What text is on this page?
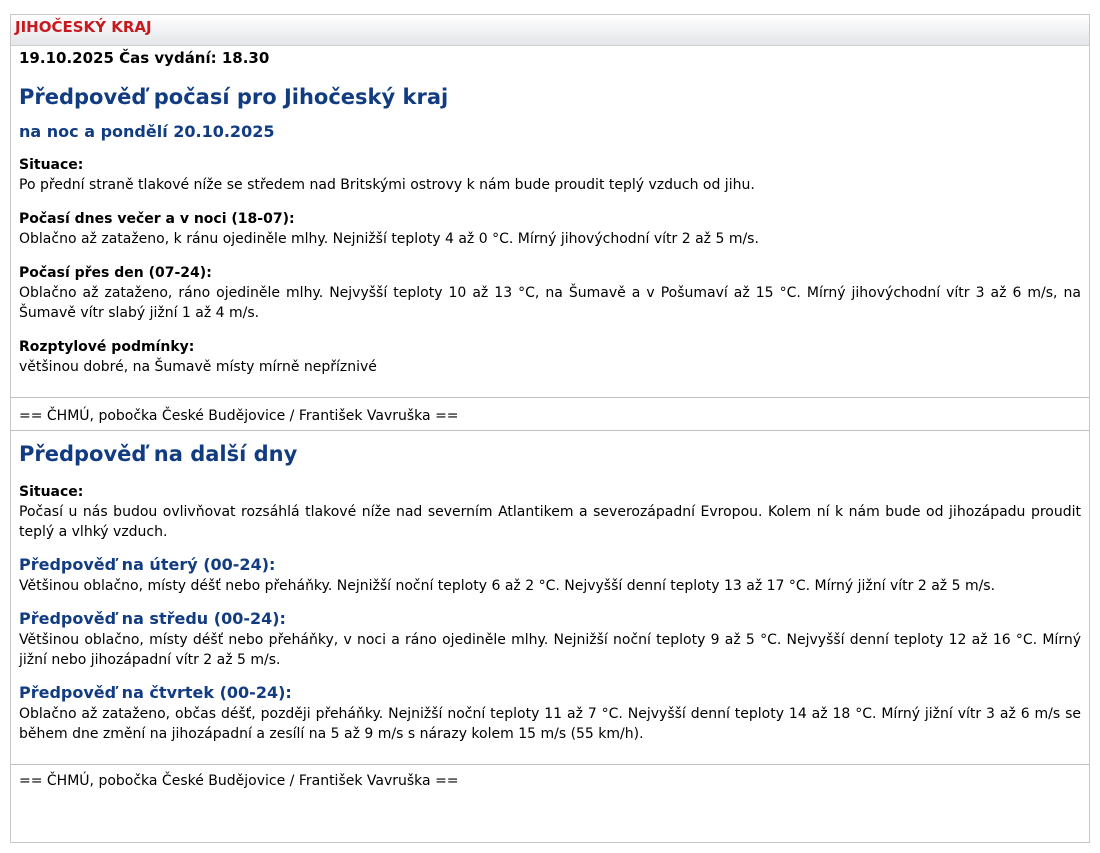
JIHOČESKÝ KRAJ
19.10.2025 Čas vydání: 18.30
Předpověď počasí pro Jihočeský kraj
na noc a pondělí 20.10.2025
Situace:
Po přední straně tlakové níže se středem nad Britskými ostrovy k nám bude proudit teplý vzduch od jihu.
Počasí dnes večer a v noci (18-07):
Oblačno až zataženo, k ránu ojediněle mlhy. Nejnižší teploty 4 až 0 °C. Mírný jihovýchodní vítr 2 až 5 m/s.
Počasí přes den (07-24):
Oblačno až zataženo, ráno ojediněle mlhy. Nejvyšší teploty 10 až 13 °C, na Šumavě a v Pošumaví až 15 °C. Mírný jihovýchodní vítr 3 až 6 m/s, na Šumavě vítr slabý jižní 1 až 4 m/s.
Rozptylové podmínky:
většinou dobré, na Šumavě místy mírně nepříznivé
== ČHMÚ, pobočka České Budějovice / František Vavruška ==
Předpověď na další dny
Situace:
Počasí u nás budou ovlivňovat rozsáhlá tlakové níže nad severním Atlantikem a severozápadní Evropou. Kolem ní k nám bude od jihozápadu proudit teplý a vlhký vzduch.
Předpověď na úterý (00-24):
Většinou oblačno, místy déšť nebo přeháňky. Nejnižší noční teploty 6 až 2 °C. Nejvyšší denní teploty 13 až 17 °C. Mírný jižní vítr 2 až 5 m/s.
Předpověď na středu (00-24):
Většinou oblačno, místy déšť nebo přeháňky, v noci a ráno ojediněle mlhy. Nejnižší noční teploty 9 až 5 °C. Nejvyšší denní teploty 12 až 16 °C. Mírný jižní nebo jihozápadní vítr 2 až 5 m/s.
Předpověď na čtvrtek (00-24):
Oblačno až zataženo, občas déšť, později přeháňky. Nejnižší noční teploty 11 až 7 °C. Nejvyšší denní teploty 14 až 18 °C. Mírný jižní vítr 3 až 6 m/s se během dne změní na jihozápadní a zesílí na 5 až 9 m/s s nárazy kolem 15 m/s (55 km/h).
== ČHMÚ, pobočka České Budějovice / František Vavruška ==
